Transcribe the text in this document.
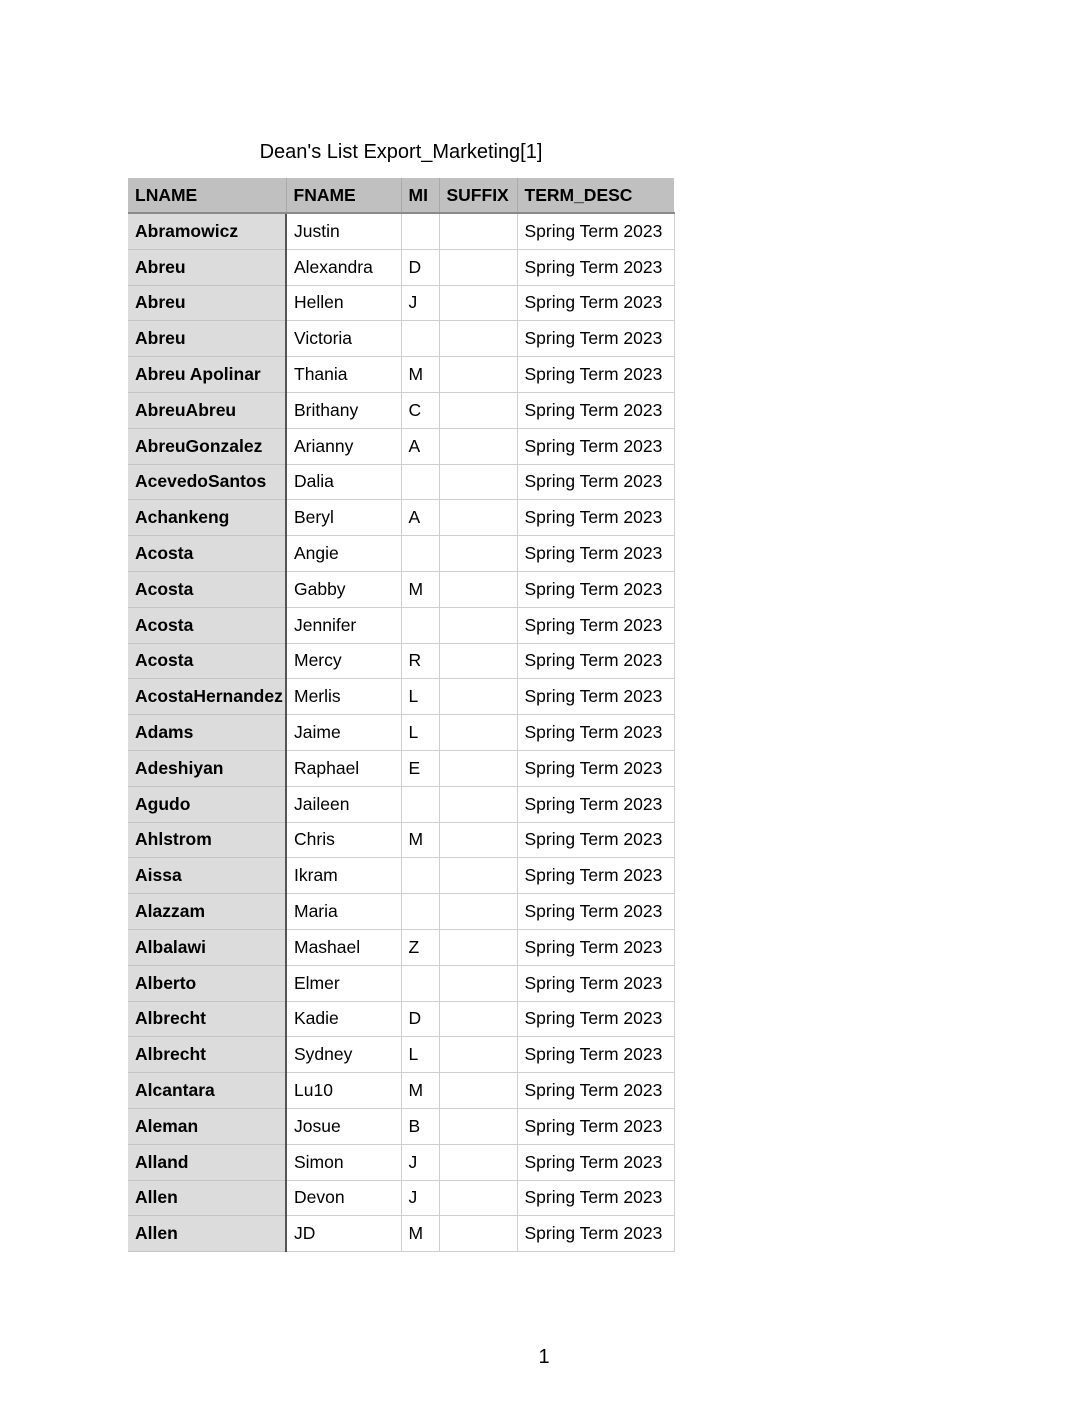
Dean's List Export_Marketing[1]
LNAME	FNAME	MI	SUFFIX	TERM_DESC
Abramowicz	Justin			Spring Term 2023
Abreu	Alexandra	D		Spring Term 2023
Abreu	Hellen	J		Spring Term 2023
Abreu	Victoria			Spring Term 2023
Abreu Apolinar	Thania	M		Spring Term 2023
AbreuAbreu	Brithany	C		Spring Term 2023
AbreuGonzalez	Arianny	A		Spring Term 2023
AcevedoSantos	Dalia			Spring Term 2023
Achankeng	Beryl	A		Spring Term 2023
Acosta	Angie			Spring Term 2023
Acosta	Gabby	M		Spring Term 2023
Acosta	Jennifer			Spring Term 2023
Acosta	Mercy	R		Spring Term 2023
AcostaHernandez	Merlis	L		Spring Term 2023
Adams	Jaime	L		Spring Term 2023
Adeshiyan	Raphael	E		Spring Term 2023
Agudo	Jaileen			Spring Term 2023
Ahlstrom	Chris	M		Spring Term 2023
Aissa	Ikram			Spring Term 2023
Alazzam	Maria			Spring Term 2023
Albalawi	Mashael	Z		Spring Term 2023
Alberto	Elmer			Spring Term 2023
Albrecht	Kadie	D		Spring Term 2023
Albrecht	Sydney	L		Spring Term 2023
Alcantara	Lu10	M		Spring Term 2023
Aleman	Josue	B		Spring Term 2023
Alland	Simon	J		Spring Term 2023
Allen	Devon	J		Spring Term 2023
Allen	JD	M		Spring Term 2023
1
